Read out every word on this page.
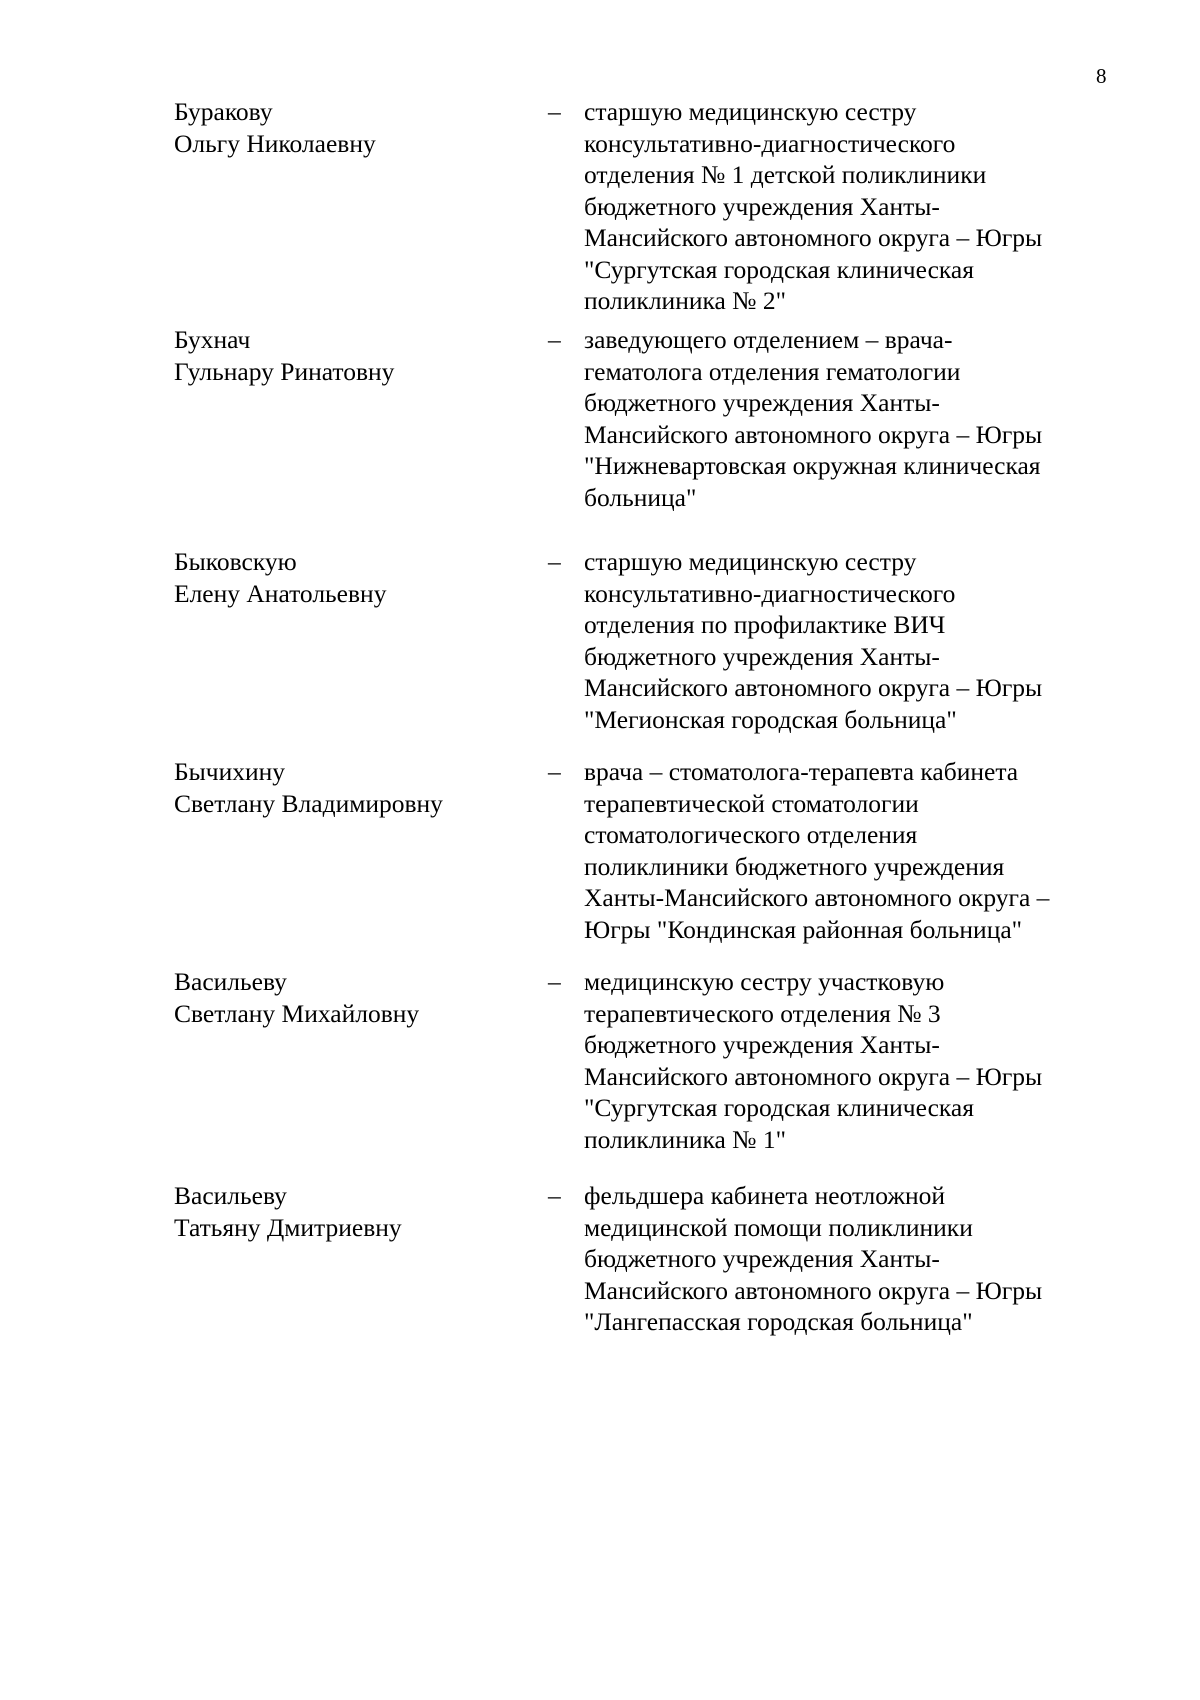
8
Буракову
Ольгу Николаевну
– старшую медицинскую сестру
консультативно-диагностического
отделения № 1 детской поликлиники
бюджетного учреждения Ханты-
Мансийского автономного округа – Югры
"Сургутская городская клиническая
поликлиника № 2"
Бухнач
Гульнару Ринатовну
– заведующего отделением – врача-
гематолога отделения гематологии
бюджетного учреждения Ханты-
Мансийского автономного округа – Югры
"Нижневартовская окружная клиническая
больница"
Быковскую
Елену Анатольевну
– старшую медицинскую сестру
консультативно-диагностического
отделения по профилактике ВИЧ
бюджетного учреждения Ханты-
Мансийского автономного округа – Югры
"Мегионская городская больница"
Бычихину
Светлану Владимировну
– врача – стоматолога-терапевта кабинета
терапевтической стоматологии
стоматологического отделения
поликлиники бюджетного учреждения
Ханты-Мансийского автономного округа –
Югры "Кондинская районная больница"
Васильеву
Светлану Михайловну
– медицинскую сестру участковую
терапевтического отделения № 3
бюджетного учреждения Ханты-
Мансийского автономного округа – Югры
"Сургутская городская клиническая
поликлиника № 1"
Васильеву
Татьяну Дмитриевну
– фельдшера кабинета неотложной
медицинской помощи поликлиники
бюджетного учреждения Ханты-
Мансийского автономного округа – Югры
"Лангепасская городская больница"
